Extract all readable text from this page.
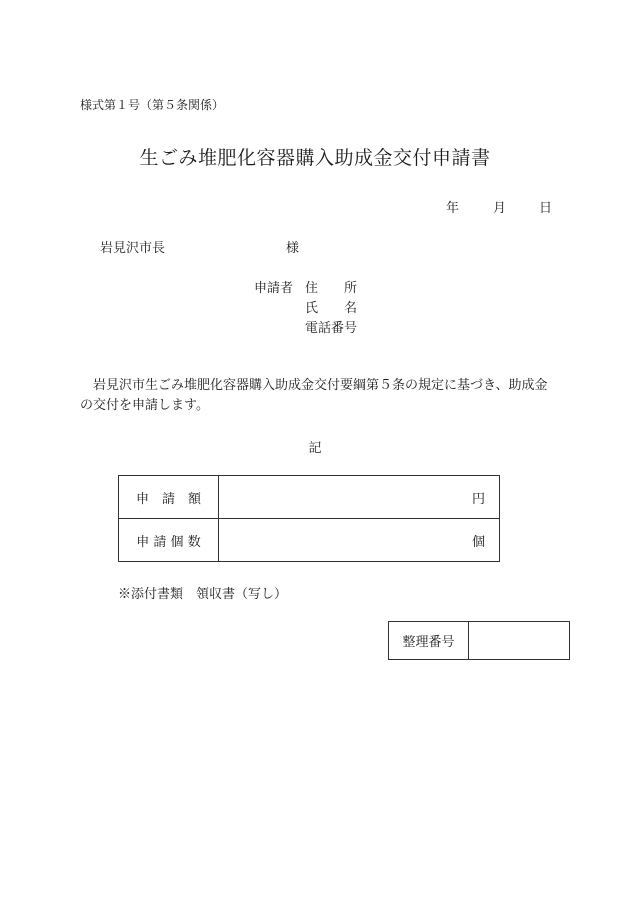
様式第１号（第５条関係）
生ごみ堆肥化容器購入助成金交付申請書
年	月	日
岩見沢市長	様
申請者 住　　所
氏　　名
電話番号
岩見沢市生ごみ堆肥化容器購入助成金交付要綱第５条の規定に基づき、助成金の交付を申請します。
記
申　請　額	円
申 請 個 数	個
※添付書類　領収書（写し）
整理番号	
